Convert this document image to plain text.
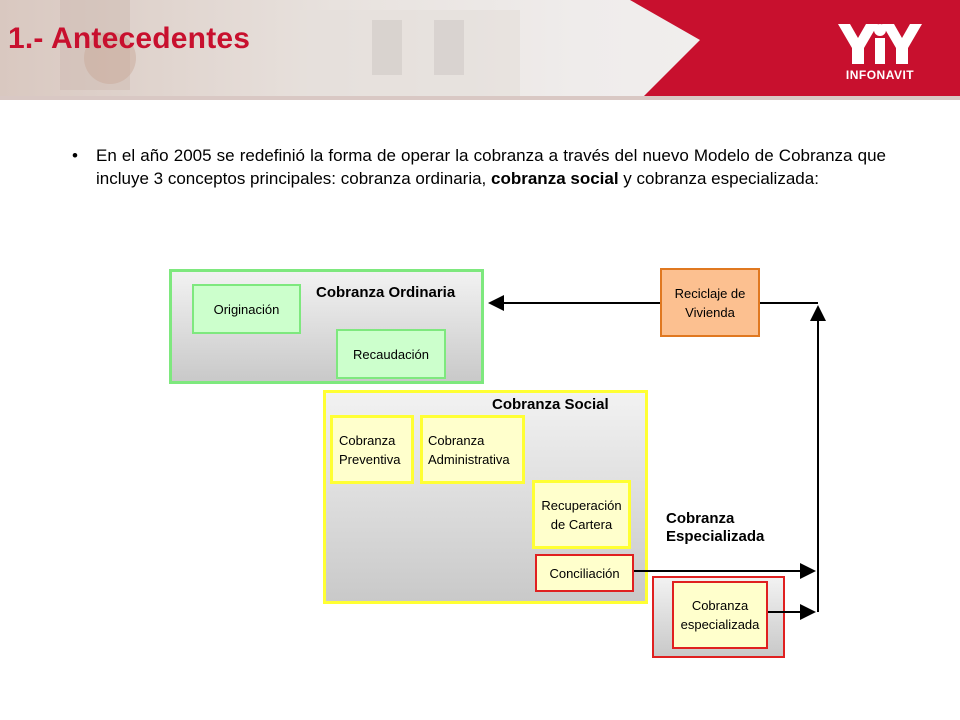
1.- Antecedentes
INFONAVIT
• En el año 2005 se redefinió la forma de operar la cobranza a través del nuevo Modelo de Cobranza que incluye 3 conceptos principales: cobranza ordinaria, cobranza social y cobranza especializada:
Cobranza Ordinaria
Originación
Recaudación
Cobranza Social
Cobranza
Preventiva
Cobranza
Administrativa
Recuperación
de Cartera
Conciliación
Reciclaje de
Vivienda
Cobranza
Especializada
Cobranza
especializada
